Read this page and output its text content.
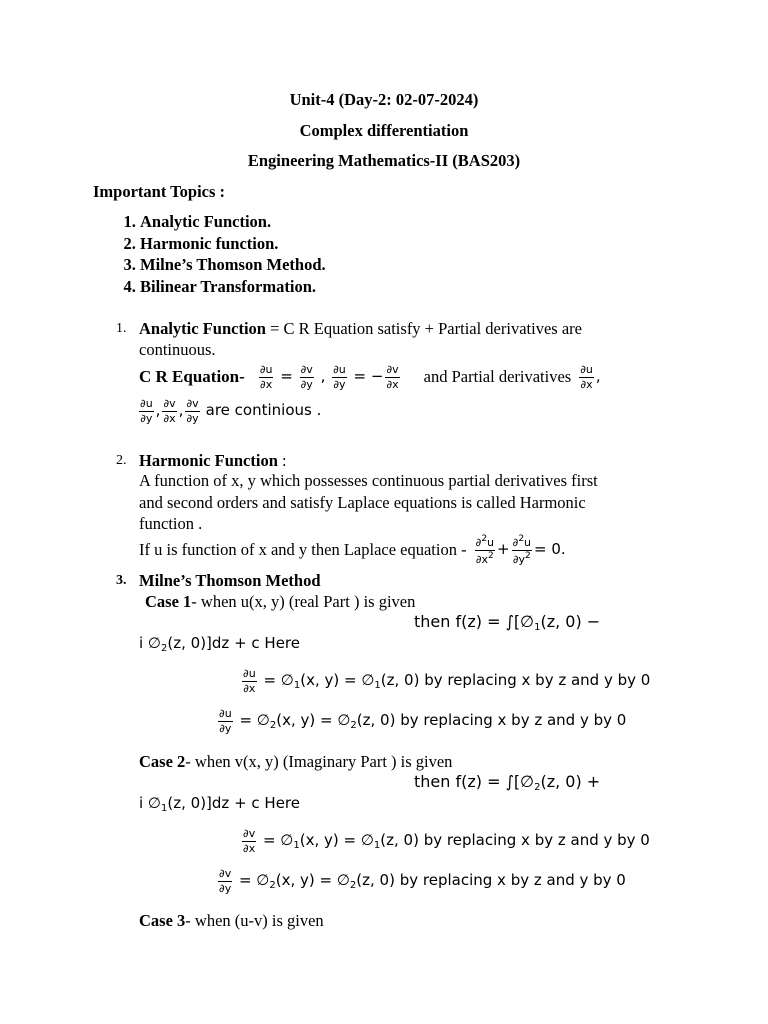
Unit-4 (Day-2: 02-07-2024)
Complex differentiation
Engineering Mathematics-II (BAS203)
Important Topics :
1. Analytic Function.
2. Harmonic function.
3. Milne’s Thomson Method.
4. Bilinear Transformation.
1. Analytic Function = C R Equation satisfy + Partial derivatives are
continuous.
C R Equation- $\frac{\partial u}{\partial x} = \frac{\partial v}{\partial y}$ , $\frac{\partial u}{\partial y}$ = − $\frac{\partial v}{\partial x}$ and Partial derivatives $\frac{\partial u}{\partial x}$ ,
$\frac{\partial u}{\partial y}$ , $\frac{\partial v}{\partial x}$ , $\frac{\partial v}{\partial y}$ are continious .
2. Harmonic Function :
A function of x, y which possesses continuous partial derivatives first
and second orders and satisfy Laplace equations is called Harmonic
function .
If u is function of x and y then Laplace equation - $\frac{\partial^2u}{\partial x^2} + \frac{\partial^2u}{\partial y^2} = 0$.
3. Milne’s Thomson Method
Case 1- when u(x, y) (real Part ) is given
then $f(z) = \int[\emptyset_1(z$, 0) −
i $\emptyset_2(z$, 0)]dz + c Here
$\frac{\partial u}{\partial x}$ = $\emptyset_1(x$, $y) = \emptyset_1(z$, 0) by replacing x by z and y by 0
$\frac{\partial u}{\partial y}$ = $\emptyset_2(x$, $y) = \emptyset_2(z$, 0) by replacing x by z and y by 0
Case 2- when v(x, y) (Imaginary Part ) is given
then $f(z) = \int[\emptyset_2(z$, 0) +
i $\emptyset_1(z$, 0)]dz + c Here
$\frac{\partial v}{\partial x}$ = $\emptyset_1(x$, $y) = \emptyset_1(z$, 0) by replacing x by z and y by 0
$\frac{\partial v}{\partial y}$ = $\emptyset_2(x$, $y) = \emptyset_2(z$, 0) by replacing x by z and y by 0
Case 3- when (u-v) is given
